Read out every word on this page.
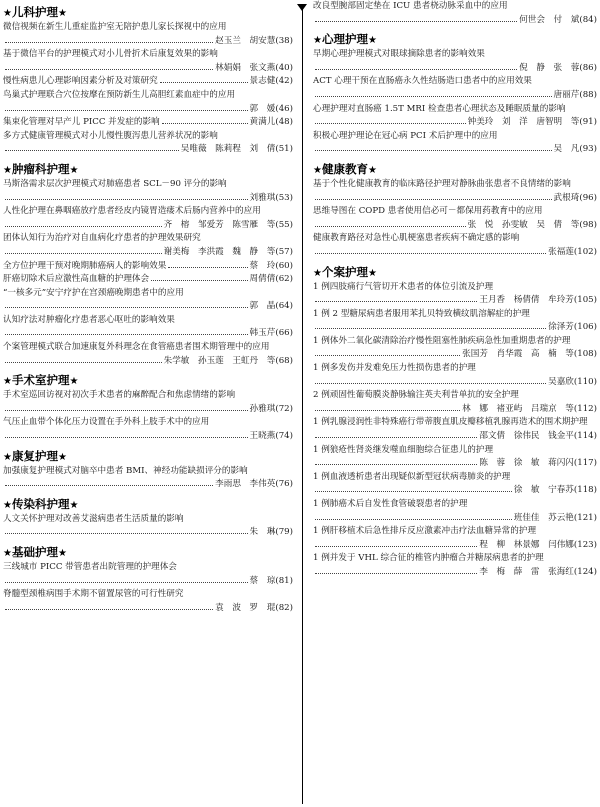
★儿科护理★
微信视频在新生儿重症监护室无陪护患儿家长探视中的应用
赵玉兰　胡安慧 (38)
基于微信平台的护理模式对小儿骨折术后康复效果的影响
林娟娟　张文燕 (40)
慢性病患儿心理影响因素分析及对策研究	景志健 (42)
鸟巢式护理联合穴位按摩在预防新生儿高胆红素血症中的应用
郭　媛 (46)
集束化管理对早产儿 PICC 并发症的影响	黄满儿 (48)
多方式健康管理模式对小儿慢性腹泻患儿营养状况的影响
吴唯薇　陈莉程　刘　倩 (51)
★肿瘤科护理★
马斯洛需求层次护理模式对肺癌患者 SCL－90 评分的影响
刘雅琪 (53)
人性化护理在鼻咽癌放疗患者经皮内镜胃造瘘术后肠内营养中的应用
齐　榕　邹爱芳　陈雪雁　等 (55)
团体认知行为治疗对自血病化疗患者的护理效果研究
谢美梅　李洪霞　魏　静　等 (57)
全方位护理干预对晚期肺癌病人的影响效果	蔡　玲 (60)
肝癌切除术后应激性高血糖的护理体会	周倩倩 (62)
“一核多元”安宁疗护在宫颈癌晚期患者中的应用
郭　晶 (64)
认知疗法对肿瘤化疗患者恶心呕吐的影响效果
韩玉芹 (66)
个案管理模式联合加速康复外科理念在食管癌患者围术期管理中的应用
朱学敏　孙玉莲　王虹丹　等 (68)
★手术室护理★
手术室巡回访视对初次手术患者的麻醉配合和焦虑情绪的影响
孙雅琪 (72)
气压止血带个体化压力设置在手外科上肢手术中的应用
王晓燕 (74)
★康复护理★
加强康复护理模式对脑卒中患者 BMI、神经功能缺损评分的影响
李雨思　李伟英 (76)
★传染科护理★
人文关怀护理对改善艾滋病患者生活质量的影响
朱　琳 (79)
★基础护理★
三线城市 PICC 带管患者出院管理的护理体会
蔡　琼 (81)
脊髓型颈椎病围手术期不留置尿管的可行性研究
袁　波　罗　琨 (82)
改良型腕部固定垫在 ICU 患者桡动脉采血中的应用
何世会　付　斌 (84)
★心理护理★
早期心理护理模式对眼球摘除患者的影响效果
倪　静　张　蓉 (86)
ACT 心理干预在直肠癌永久性结肠造口患者中的应用效果
唐丽芹 (88)
心理护理对直肠癌 1.5T MRI 检查患者心理状态及睡眠质量的影响
钟美玲　刘　洋　唐智明　等 (91)
积极心理护理论在冠心病 PCI 术后护理中的应用
吴　凡 (93)
★健康教育★
基于个性化健康教育的临床路径护理对静脉曲张患者不良情绪的影响
武根琦 (96)
思维导图在 COPD 患者使用信必可－都保用药教育中的应用
张　悦　孙雯敏　吴　倩　等 (98)
健康教育路径对急性心肌梗塞患者疾病不确定感的影响
张福莲 (102)
★个案护理★
1 例四肢痛行气管切开术患者的体位引流及护理
王月香　杨倩倩　牟玲芳 (105)
1 例 2 型糖尿病患者服用苯扎贝特致横纹肌溶解症的护理
徐泽芳 (106)
1 例体外二氧化碳清除治疗慢性阻塞性肺疾病急性加重期患者的护理
张国芳　肖华霞　高　楠　等 (108)
1 例多发伤并发难免压力性损伤患者的护理
吴嘉欣 (110)
2 例顽固性葡萄膜炎静脉输注英夫利昔单抗的安全护理
林　娜　褚亚屿　吕瑞京　等 (112)
1 例乳腺浸润性非特殊癌行带蒂腹直肌皮瓣移植乳腺再造术的围术期护理
邵文倩　徐伟民　钱金平 (114)
1 例狼疮性肾炎继发噬血细胞综合征患儿的护理
陈　蓉　徐　敏　蒋闪闪 (117)
1 例血液透析患者出现疑似新型冠状病毒肺炎的护理
徐　敏　宁春苏 (118)
1 例肺癌术后自发性食管破裂患者的护理
班佳佳　苏云艳 (121)
1 例肝移植术后急性排斥反应激素冲击疗法血糖异常的护理
程　柳　林景娜　闫伟娜 (123)
1 例并发于 VHL 综合征的椎管内肿瘤合并糖尿病患者的护理
李　梅　薛　雷　张海红 (124)
